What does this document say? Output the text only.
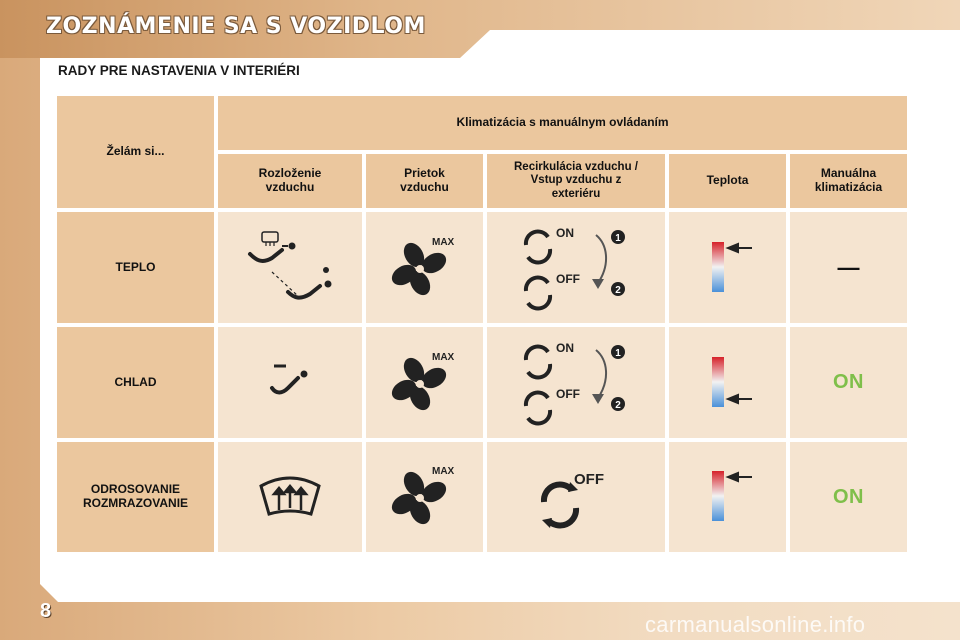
ZOZNÁMENIE SA S VOZIDLOM
RADY PRE NASTAVENIA V INTERIÉRI
Želám si...
Klimatizácia s manuálnym ovládaním
Rozloženie
vzduchu
Prietok
vzduchu
Recirkulácia vzduchu /
Vstup vzduchu z
exteriéru
Teplota	Manuálna
klimatizácia
TEPLO
MAX
ON
OFF
1
2
—
CHLAD
MAX
ON
OFF
1
2
ON
ODROSOVANIE
ROZMRAZOVANIE
MAX	OFF
ON
8
carmanualsonline.info
